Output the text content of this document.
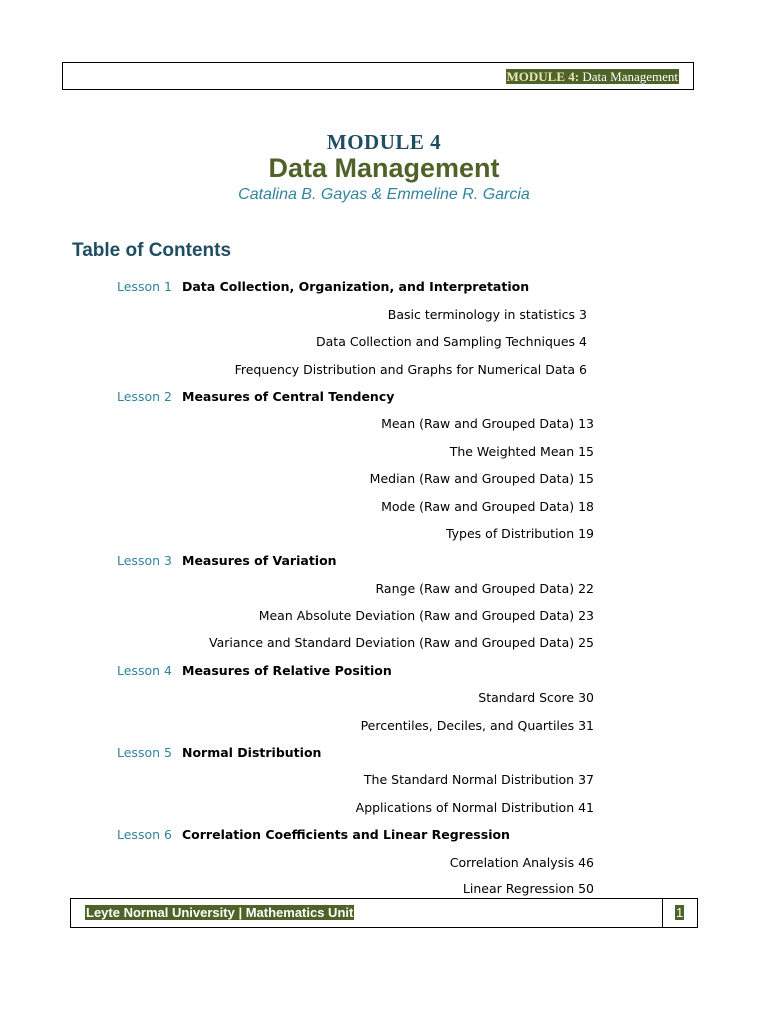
MODULE 4: Data Management
MODULE 4
Data Management
Catalina B. Gayas & Emmeline R. Garcia
Table of Contents
Lesson 1 Data Collection, Organization, and Interpretation
Basic terminology in statistics 3
Data Collection and Sampling Techniques 4
Frequency Distribution and Graphs for Numerical Data 6
Lesson 2 Measures of Central Tendency
Mean (Raw and Grouped Data) 13
The Weighted Mean 15
Median (Raw and Grouped Data) 15
Mode (Raw and Grouped Data) 18
Types of Distribution 19
Lesson 3 Measures of Variation
Range (Raw and Grouped Data) 22
Mean Absolute Deviation (Raw and Grouped Data) 23
Variance and Standard Deviation (Raw and Grouped Data) 25
Lesson 4 Measures of Relative Position
Standard Score 30
Percentiles, Deciles, and Quartiles 31
Lesson 5 Normal Distribution
The Standard Normal Distribution 37
Applications of Normal Distribution 41
Lesson 6 Correlation Coefficients and Linear Regression
Correlation Analysis 46
Linear Regression 50
Leyte Normal University | Mathematics Unit	1
